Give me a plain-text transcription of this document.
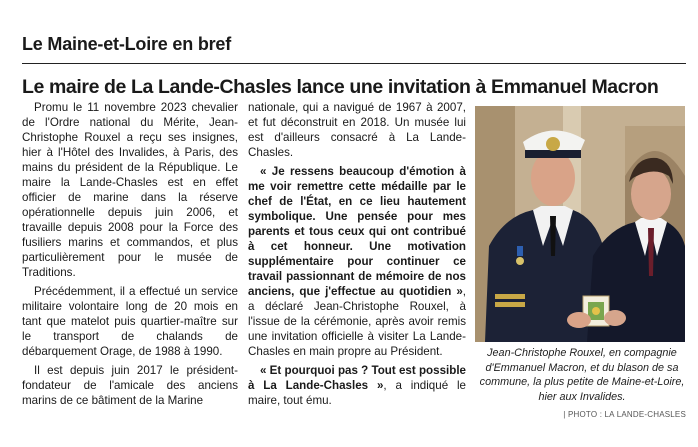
Le Maine-et-Loire en bref
Le maire de La Lande-Chasles lance une invitation à Emmanuel Macron

Promu le 11 novembre 2023 chevalier de l'Ordre national du Mérite, Jean-Christophe Rouxel a reçu ses insignes, hier à l'Hôtel des Invalides, à Paris, des mains du président de la République. Le maire la Lande-Chasles est en effet officier de marine dans la réserve opérationnelle depuis juin 2006, et travaille depuis 2008 pour la Force des fusiliers marins et commandos, et plus particulièrement pour le musée de Traditions.

Précédemment, il a effectué un service militaire volontaire long de 20 mois en tant que matelot puis quartier-maître sur le transport de chalands de débarquement Orage, de 1988 à 1990.

Il est depuis juin 2017 le président-fondateur de l'amicale des anciens marins de ce bâtiment de la Marine

nationale, qui a navigué de 1967 à 2007, et fut déconstruit en 2018. Un musée lui est d'ailleurs consacré à La Lande-Chasles.

« Je ressens beaucoup d'émotion à me voir remettre cette médaille par le chef de l'État, en ce lieu hautement symbolique. Une pensée pour mes parents et tous ceux qui ont contribué à cet honneur. Une motivation supplémentaire pour continuer ce travail passionnant de mémoire de nos anciens, que j'effectue au quotidien », a déclaré Jean-Christophe Rouxel, à l'issue de la cérémonie, après avoir remis une invitation officielle à visiter La Lande-Chasles en main propre au Président.

« Et pourquoi pas ? Tout est possible à La Lande-Chasles », a indiqué le maire, tout ému.

Jean-Christophe Rouxel, en compagnie d'Emmanuel Macron, et du blason de sa commune, la plus petite de Maine-et-Loire, hier aux Invalides.
| PHOTO : LA LANDE-CHASLES
